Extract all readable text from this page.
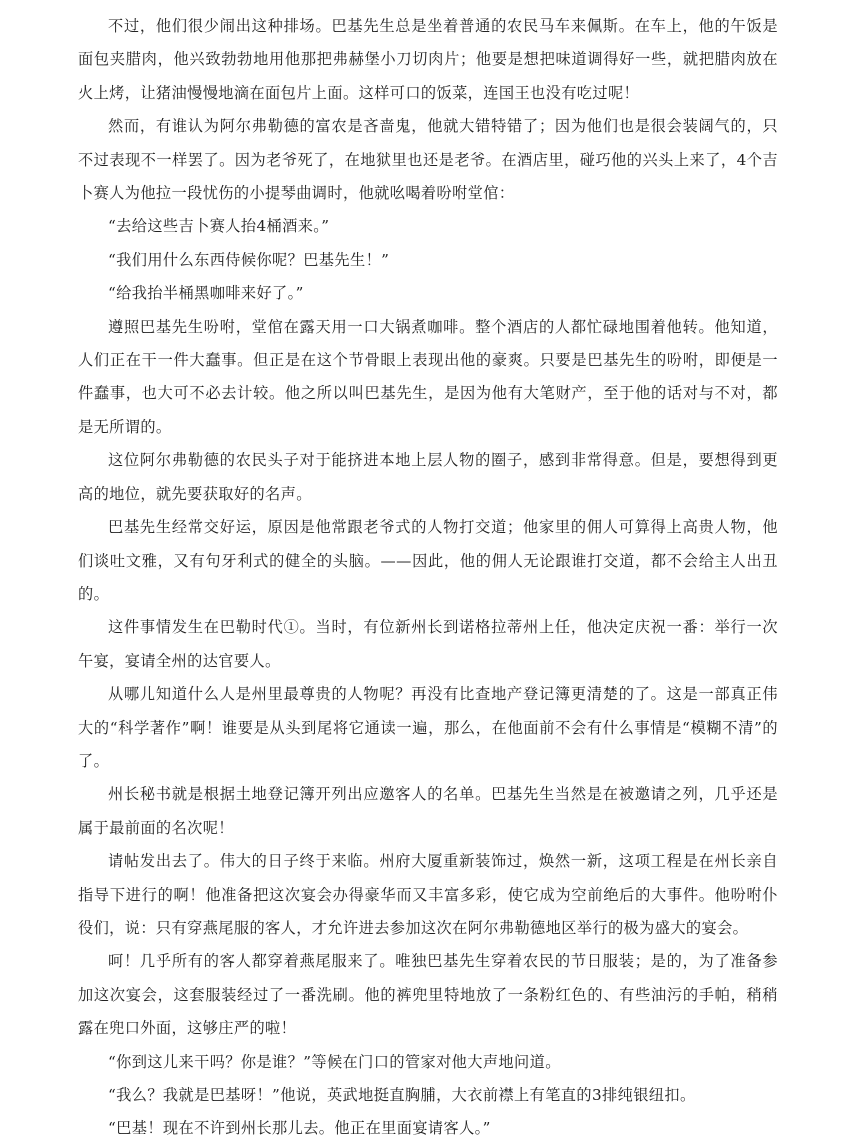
不过，他们很少闹出这种排场。巴基先生总是坐着普通的农民马车来佩斯。在车上，他的午饭是面包夹腊肉，他兴致勃勃地用他那把弗赫堡小刀切肉片；他要是想把味道调得好一些，就把腊肉放在火上烤，让猪油慢慢地滴在面包片上面。这样可口的饭菜，连国王也没有吃过呢！

然而，有谁认为阿尔弗勒德的富农是吝啬鬼，他就大错特错了；因为他们也是很会装阔气的，只不过表现不一样罢了。因为老爷死了，在地狱里也还是老爷。在酒店里，碰巧他的兴头上来了，4个吉卜赛人为他拉一段忧伤的小提琴曲调时，他就吆喝着吩咐堂倌：

“去给这些吉卜赛人抬4桶酒来。”

“我们用什么东西侍候你呢？巴基先生！”

“给我抬半桶黑咖啡来好了。”

遵照巴基先生吩咐，堂倌在露天用一口大锅煮咖啡。整个酒店的人都忙碌地围着他转。他知道，人们正在干一件大蠢事。但正是在这个节骨眼上表现出他的豪爽。只要是巴基先生的吩咐，即便是一件蠢事，也大可不必去计较。他之所以叫巴基先生，是因为他有大笔财产，至于他的话对与不对，都是无所谓的。

这位阿尔弗勒德的农民头子对于能挤进本地上层人物的圈子，感到非常得意。但是，要想得到更高的地位，就先要获取好的名声。

巴基先生经常交好运，原因是他常跟老爷式的人物打交道；他家里的佣人可算得上高贵人物，他们谈吐文雅，又有句牙利式的健全的头脑。——因此，他的佣人无论跟谁打交道，都不会给主人出丑的。

这件事情发生在巴勒时代①。当时，有位新州长到诺格拉蒂州上任，他决定庆祝一番：举行一次午宴，宴请全州的达官要人。

从哪儿知道什么人是州里最尊贵的人物呢？再没有比查地产登记簿更清楚的了。这是一部真正伟大的“科学著作”啊！谁要是从头到尾将它通读一遍，那么，在他面前不会有什么事情是“模糊不清”的了。

州长秘书就是根据土地登记簿开列出应邀客人的名单。巴基先生当然是在被邀请之列，几乎还是属于最前面的名次呢！

请帖发出去了。伟大的日子终于来临。州府大厦重新装饰过，焕然一新，这项工程是在州长亲自指导下进行的啊！他准备把这次宴会办得豪华而又丰富多彩，使它成为空前绝后的大事件。他吩咐仆役们，说：只有穿燕尾服的客人，才允许进去参加这次在阿尔弗勒德地区举行的极为盛大的宴会。

呵！几乎所有的客人都穿着燕尾服来了。唯独巴基先生穿着农民的节日服装；是的，为了准备参加这次宴会，这套服装经过了一番洗刷。他的裤兜里特地放了一条粉红色的、有些油污的手帕，稍稍露在兜口外面，这够庄严的啦！

“你到这儿来干吗？你是谁？”等候在门口的管家对他大声地问道。

“我么？我就是巴基呀！”他说，英武地挺直胸脯，大衣前襟上有笔直的3排纯银纽扣。

“巴基！现在不许到州长那儿去。他正在里面宴请客人。”
